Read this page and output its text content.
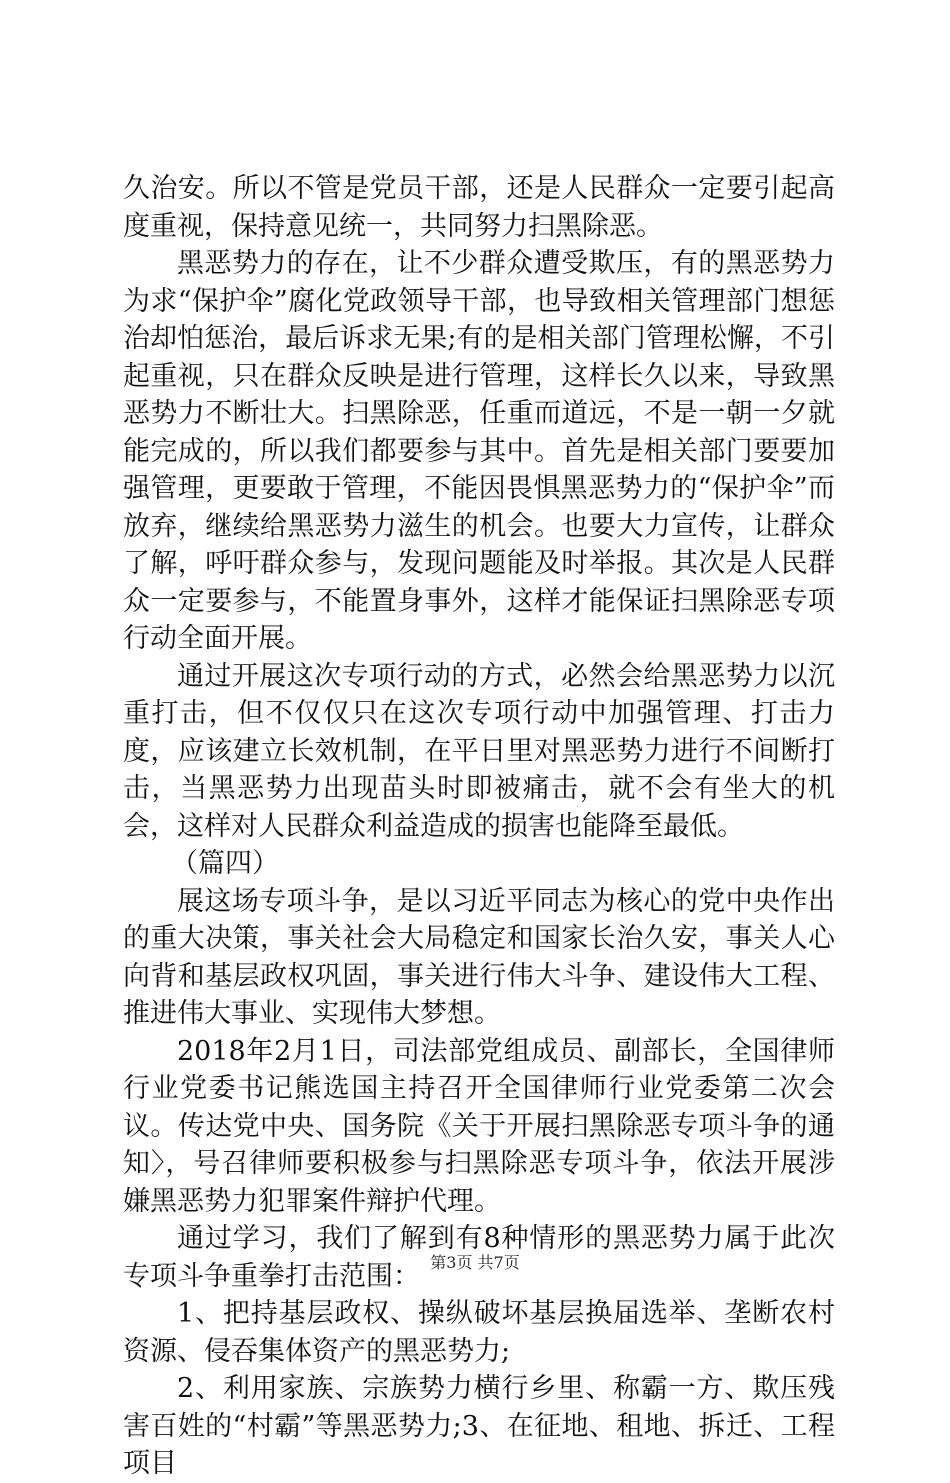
久治安。所以不管是党员干部，还是人民群众一定要引起高度重视，保持意见统一，共同努力扫黑除恶。

黑恶势力的存在，让不少群众遭受欺压，有的黑恶势力为求“保护伞”腐化党政领导干部，也导致相关管理部门想惩治却怕惩治，最后诉求无果;有的是相关部门管理松懈，不引起重视，只在群众反映是进行管理，这样长久以来，导致黑恶势力不断壮大。扫黑除恶，任重而道远，不是一朝一夕就能完成的，所以我们都要参与其中。首先是相关部门要要加强管理，更要敢于管理，不能因畏惧黑恶势力的“保护伞”而放弃，继续给黑恶势力滋生的机会。也要大力宣传，让群众了解，呼吁群众参与，发现问题能及时举报。其次是人民群众一定要参与，不能置身事外，这样才能保证扫黑除恶专项行动全面开展。

通过开展这次专项行动的方式，必然会给黑恶势力以沉重打击，但不仅仅只在这次专项行动中加强管理、打击力度，应该建立长效机制，在平日里对黑恶势力进行不间断打击，当黑恶势力出现苗头时即被痛击，就不会有坐大的机会，这样对人民群众利益造成的损害也能降至最低。

（篇四）

展这场专项斗争，是以习近平同志为核心的党中央作出的重大决策，事关社会大局稳定和国家长治久安，事关人心向背和基层政权巩固，事关进行伟大斗争、建设伟大工程、推进伟大事业、实现伟大梦想。

2018年2月1日，司法部党组成员、副部长，全国律师行业党委书记熊选国主持召开全国律师行业党委第二次会议。传达党中央、国务院《关于开展扫黑除恶专项斗争的通知〉，号召律师要积极参与扫黑除恶专项斗争，依法开展涉嫌黑恶势力犯罪案件辩护代理。

通过学习，我们了解到有8种情形的黑恶势力属于此次专项斗争重拳打击范围：

1、把持基层政权、操纵破坏基层换届选举、垄断农村资源、侵吞集体资产的黑恶势力;

2、利用家族、宗族势力横行乡里、称霸一方、欺压残害百姓的“村霸”等黑恶势力;3、在征地、租地、拆迁、工程项目

第3页 共7页
